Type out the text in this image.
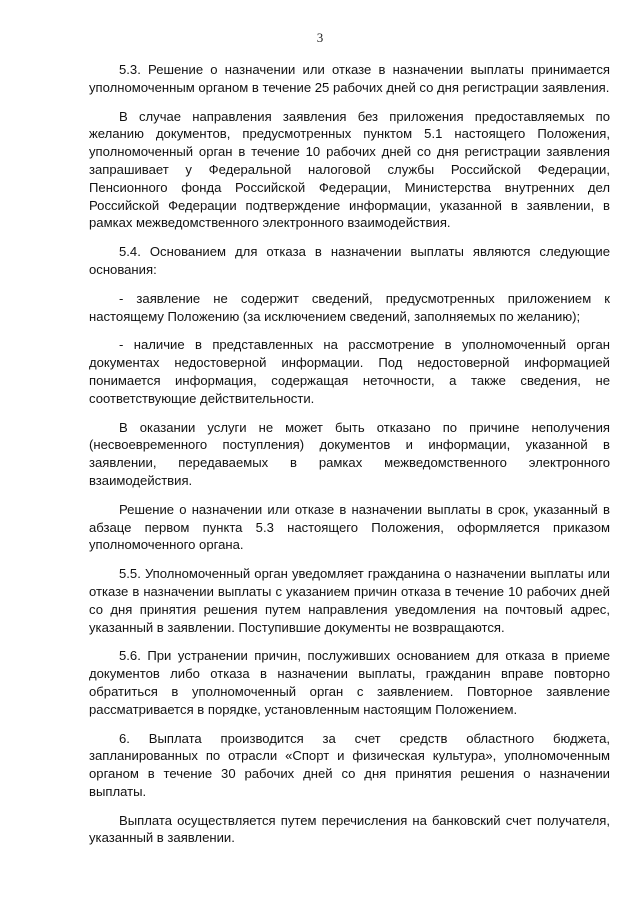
3

5.3. Решение о назначении или отказе в назначении выплаты принимается уполномоченным органом в течение 25 рабочих дней со дня регистрации заявления.

В случае направления заявления без приложения предоставляемых по желанию документов, предусмотренных пунктом 5.1 настоящего Положения, уполномоченный орган в течение 10 рабочих дней со дня регистрации заявления запрашивает у Федеральной налоговой службы Российской Федерации, Пенсионного фонда Российской Федерации, Министерства внутренних дел Российской Федерации подтверждение информации, указанной в заявлении, в рамках межведомственного электронного взаимодействия.

5.4. Основанием для отказа в назначении выплаты являются следующие основания:

- заявление не содержит сведений, предусмотренных приложением к настоящему Положению (за исключением сведений, заполняемых по желанию);

- наличие в представленных на рассмотрение в уполномоченный орган документах недостоверной информации. Под недостоверной информацией понимается информация, содержащая неточности, а также сведения, не соответствующие действительности.

В оказании услуги не может быть отказано по причине неполучения (несвоевременного поступления) документов и информации, указанной в заявлении, передаваемых в рамках межведомственного электронного взаимодействия.

Решение о назначении или отказе в назначении выплаты в срок, указанный в абзаце первом пункта 5.3 настоящего Положения, оформляется приказом уполномоченного органа.

5.5. Уполномоченный орган уведомляет гражданина о назначении выплаты или отказе в назначении выплаты с указанием причин отказа в течение 10 рабочих дней со дня принятия решения путем направления уведомления на почтовый адрес, указанный в заявлении. Поступившие документы не возвращаются.

5.6. При устранении причин, послуживших основанием для отказа в приеме документов либо отказа в назначении выплаты, гражданин вправе повторно обратиться в уполномоченный орган с заявлением. Повторное заявление рассматривается в порядке, установленным настоящим Положением.

6. Выплата производится за счет средств областного бюджета, запланированных по отрасли «Спорт и физическая культура», уполномоченным органом в течение 30 рабочих дней со дня принятия решения о назначении выплаты.

Выплата осуществляется путем перечисления на банковский счет получателя, указанный в заявлении.
